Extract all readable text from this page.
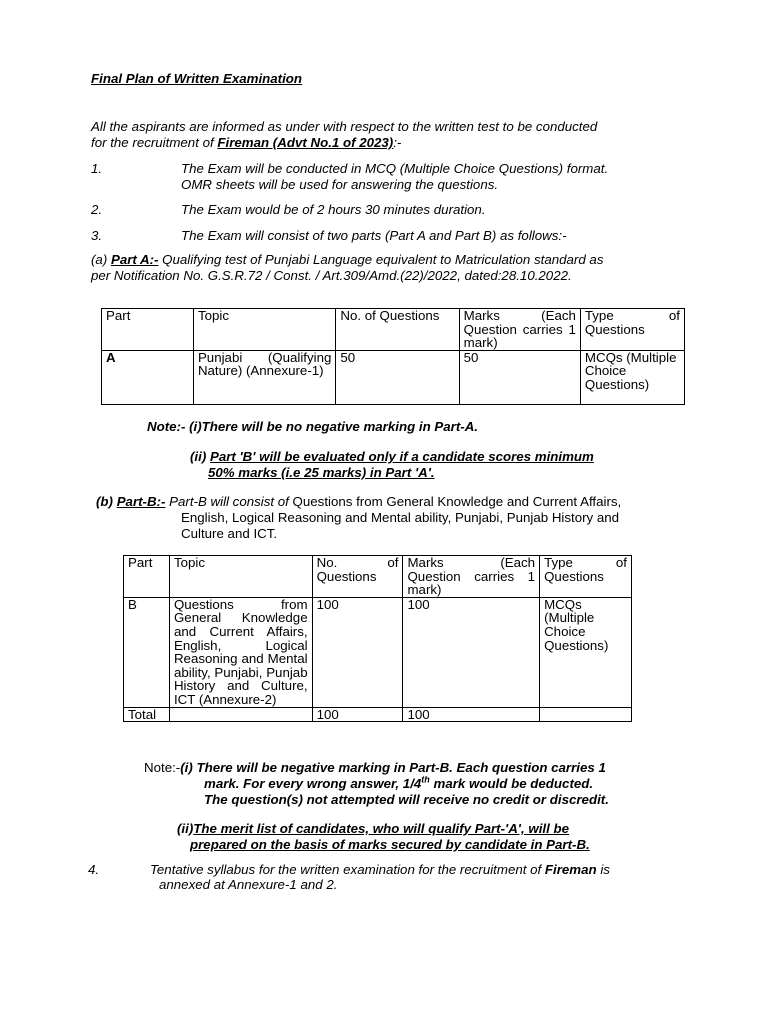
Final Plan of Written Examination
All the aspirants are informed as under with respect to the written test to be conducted
for the recruitment of Fireman (Advt No.1 of 2023):-
1.	The Exam will be conducted in MCQ (Multiple Choice Questions) format.
OMR sheets will be used for answering the questions.
2.	The Exam would be of 2 hours 30 minutes duration.
3.	The Exam will consist of two parts (Part A and Part B) as follows:-
(a) Part A:- Qualifying test of Punjabi Language equivalent to Matriculation standard as
per Notification No. G.S.R.72 / Const. / Art.309/Amd.(22)/2022, dated:28.10.2022.
Part	Topic	No. of Questions	Marks (Each Question carries 1 mark)	Type of Questions
A	Punjabi (Qualifying Nature) (Annexure-1)	50	50	MCQs (Multiple Choice Questions)
Note:- (i)There will be no negative marking in Part-A.
(ii) Part 'B' will be evaluated only if a candidate scores minimum
50% marks (i.e 25 marks) in Part 'A'.
(b) Part-B:- Part-B will consist of Questions from General Knowledge and Current Affairs,
English, Logical Reasoning and Mental ability, Punjabi, Punjab History and
Culture and ICT.
Part	Topic	No. of Questions	Marks (Each Question carries 1 mark)	Type of Questions
B	Questions from General Knowledge and Current Affairs, English, Logical Reasoning and Mental ability, Punjabi, Punjab History and Culture, ICT (Annexure-2)	100	100	MCQs (Multiple Choice Questions)
Total		100	100	
Note:-(i) There will be negative marking in Part-B. Each question carries 1
mark. For every wrong answer, 1/4th mark would be deducted.
The question(s) not attempted will receive no credit or discredit.
(ii)The merit list of candidates, who will qualify Part-'A', will be
prepared on the basis of marks secured by candidate in Part-B.
4.	Tentative syllabus for the written examination for the recruitment of Fireman is
annexed at Annexure-1 and 2.
